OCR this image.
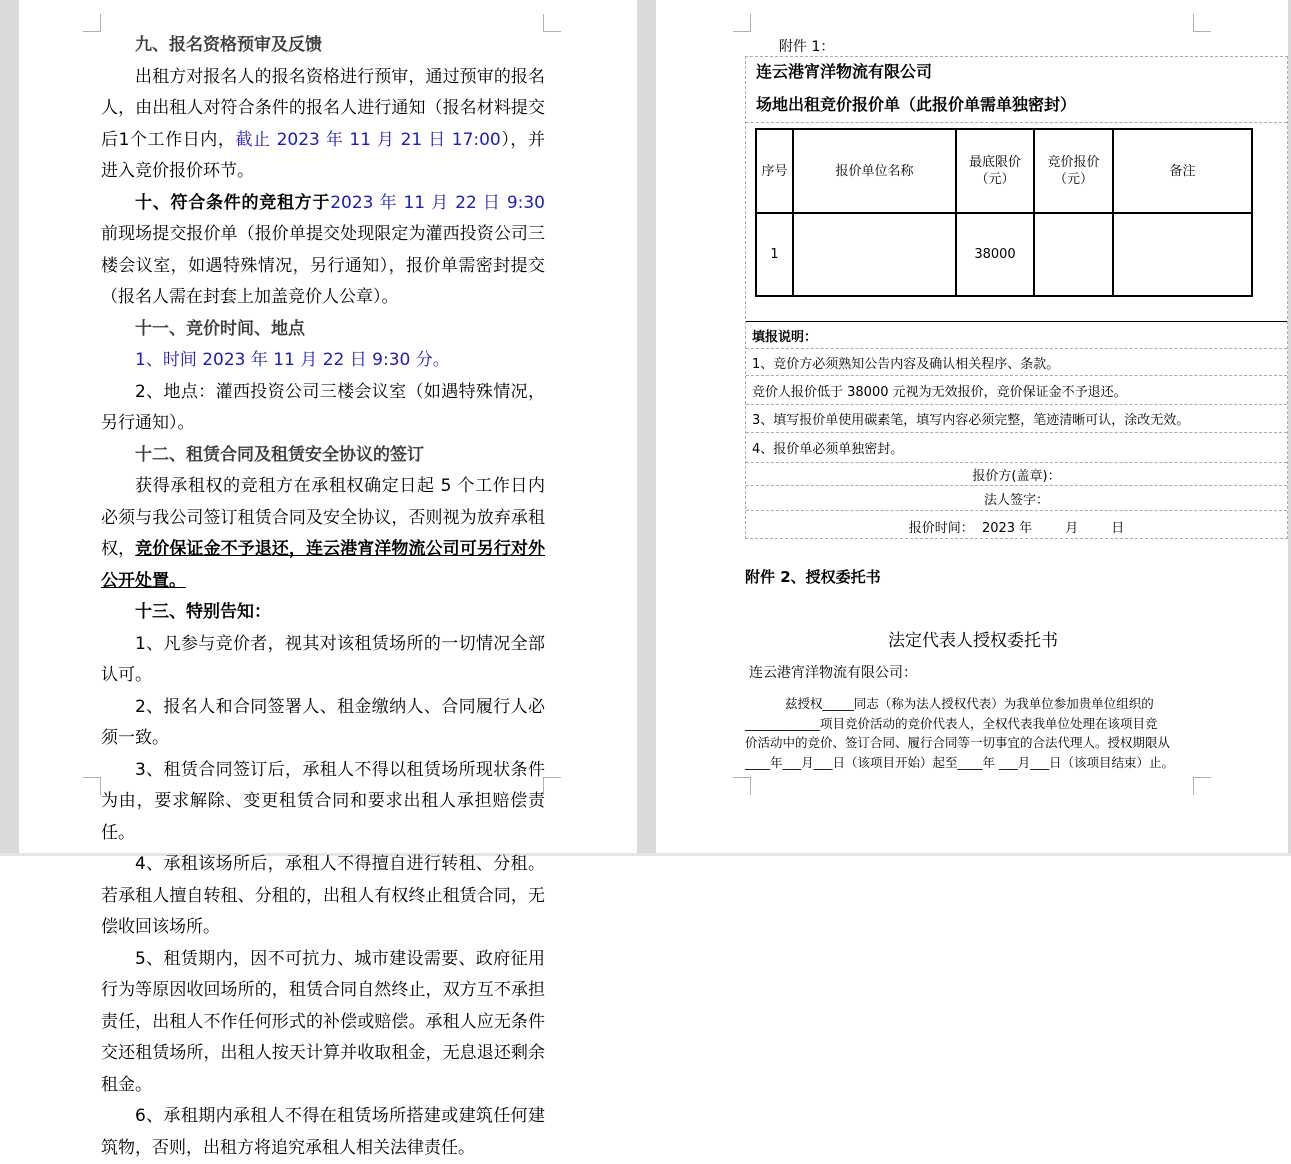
九、报名资格预审及反馈

出租方对报名人的报名资格进行预审，通过预审的报名人，由出租人对符合条件的报名人进行通知（报名材料提交后1个工作日内，截止 2023 年 11 月 21 日 17:00），并进入竞价报价环节。

十、符合条件的竞租方于2023 年 11 月 22 日 9:30前现场提交报价单（报价单提交处现限定为灌西投资公司三楼会议室，如遇特殊情况，另行通知），报价单需密封提交（报名人需在封套上加盖竞价人公章）。

十一、竞价时间、地点

1、时间 2023 年 11 月 22 日 9:30 分。

2、地点：灌西投资公司三楼会议室（如遇特殊情况，另行通知）。

十二、租赁合同及租赁安全协议的签订

获得承租权的竞租方在承租权确定日起 5 个工作日内必须与我公司签订租赁合同及安全协议，否则视为放弃承租权，竞价保证金不予退还，连云港宵洋物流公司可另行对外公开处置。

十三、特别告知：

1、凡参与竞价者，视其对该租赁场所的一切情况全部认可。

2、报名人和合同签署人、租金缴纳人、合同履行人必须一致。

3、租赁合同签订后，承租人不得以租赁场所现状条件为由，要求解除、变更租赁合同和要求出租人承担赔偿责任。

4、承租该场所后，承租人不得擅自进行转租、分租。若承租人擅自转租、分租的，出租人有权终止租赁合同，无偿收回该场所。

5、租赁期内，因不可抗力、城市建设需要、政府征用行为等原因收回场所的，租赁合同自然终止，双方互不承担责任，出租人不作任何形式的补偿或赔偿。承租人应无条件交还租赁场所，出租人按天计算并收取租金，无息退还剩余租金。

6、承租期内承租人不得在租赁场所搭建或建筑任何建筑物，否则，出租方将追究承租人相关法律责任。

附件 1：
连云港宵洋物流有限公司
场地出租竞价报价单（此报价单需单独密封）
序号	报价单位名称	最底限价（元）	竞价报价（元）	备注
1		38000		
填报说明：
1、竞价方必须熟知公告内容及确认相关程序、条款。
竞价人报价低于 38000 元视为无效报价，竞价保证金不予退还。
3、填写报价单使用碳素笔，填写内容必须完整，笔迹清晰可认，涂改无效。
4、报价单必须单独密封。
报价方(盖章)：
法人签字：
报价时间：  2023 年        月        日
附件 2、授权委托书
法定代表人授权委托书
连云港宵洋物流有限公司：
兹授权_____同志（称为法人授权代表）为我单位参加贵单位组织的
____________项目竞价活动的竞价代表人，全权代表我单位处理在该项目竞
价活动中的竞价、签订合同、履行合同等一切事宜的合法代理人。授权期限从
____年___月___日（该项目开始）起至____年 ___月___日（该项目结束）止。
